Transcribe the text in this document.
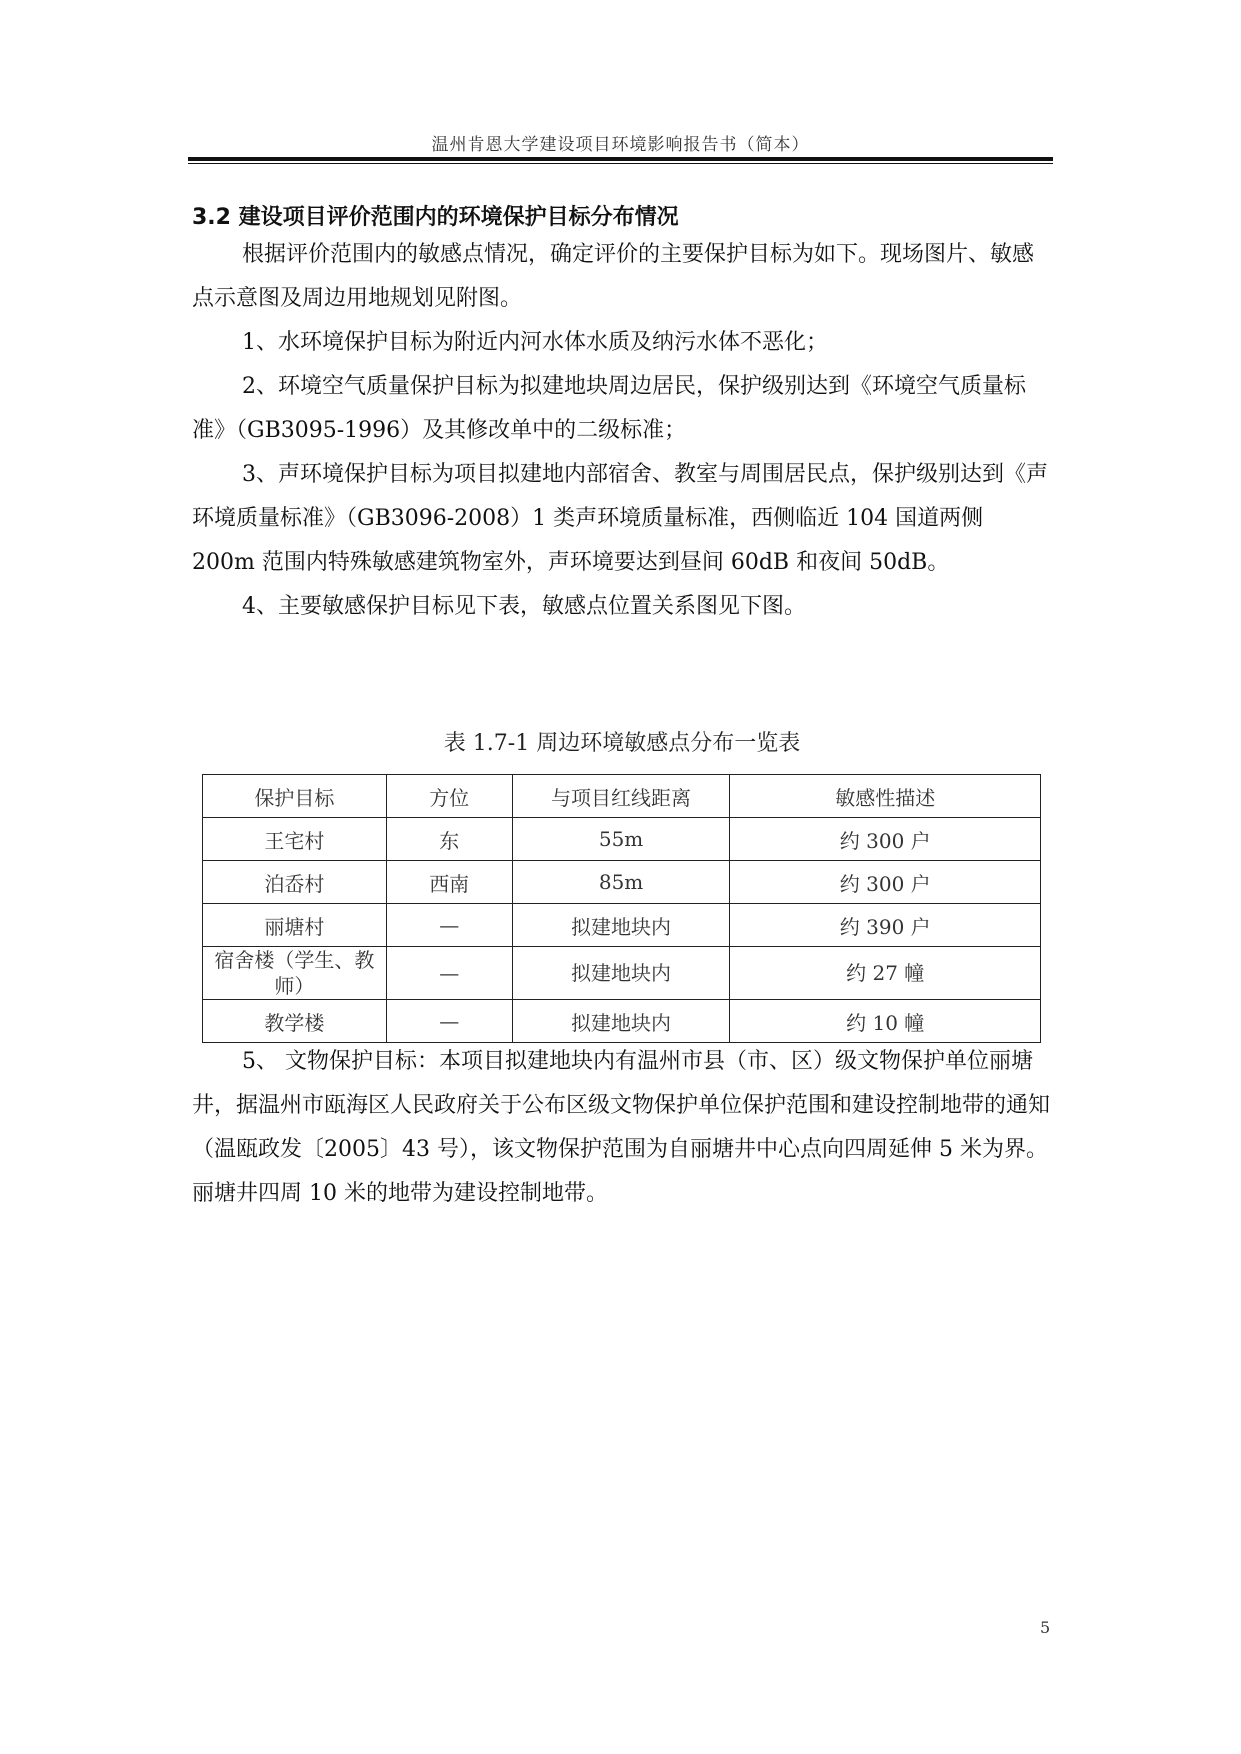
温州肯恩大学建设项目环境影响报告书（简本）
3.2 建设项目评价范围内的环境保护目标分布情况

根据评价范围内的敏感点情况，确定评价的主要保护目标为如下。现场图片、敏感点示意图及周边用地规划见附图。

1、水环境保护目标为附近内河水体水质及纳污水体不恶化；

2、环境空气质量保护目标为拟建地块周边居民，保护级别达到《环境空气质量标准》（GB3095-1996）及其修改单中的二级标准；

3、声环境保护目标为项目拟建地内部宿舍、教室与周围居民点，保护级别达到《声环境质量标准》（GB3096-2008）1 类声环境质量标准，西侧临近 104 国道两侧 200m 范围内特殊敏感建筑物室外，声环境要达到昼间 60dB 和夜间 50dB。

4、主要敏感保护目标见下表，敏感点位置关系图见下图。

表 1.7-1 周边环境敏感点分布一览表
保护目标	方位	与项目红线距离	敏感性描述
王宅村	东	55m	约 300 户
泊岙村	西南	85m	约 300 户
丽塘村	—	拟建地块内	约 390 户
宿舍楼（学生、教师）	—	拟建地块内	约 27 幢
教学楼	—	拟建地块内	约 10 幢

5、 文物保护目标：本项目拟建地块内有温州市县（市、区）级文物保护单位丽塘井，据温州市瓯海区人民政府关于公布区级文物保护单位保护范围和建设控制地带的通知（温瓯政发〔2005〕43 号），该文物保护范围为自丽塘井中心点向四周延伸 5 米为界。丽塘井四周 10 米的地带为建设控制地带。

5
